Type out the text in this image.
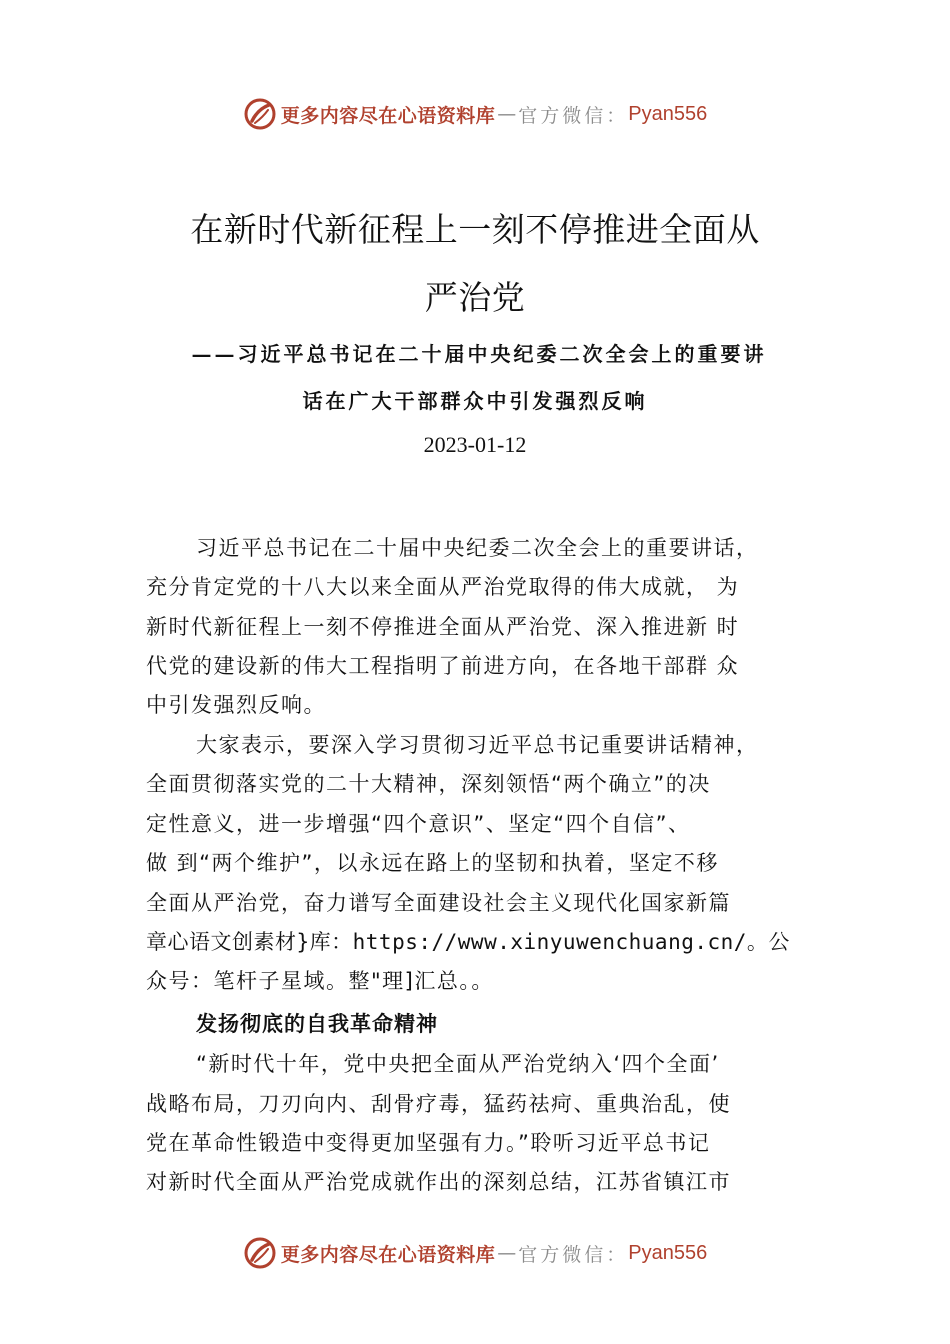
更多内容尽在心语资料库 — 官方微信： Pyan556
在新时代新征程上一刻不停推进全面从
严治党
——习近平总书记在二十届中央纪委二次全会上的重要讲
话在广大干部群众中引发强烈反响
2023-01-12
习近平总书记在二十届中央纪委二次全会上的重要讲话，
充分肯定党的十八大以来全面从严治党取得的伟大成就， 为
新时代新征程上一刻不停推进全面从严治党、深入推进新 时
代党的建设新的伟大工程指明了前进方向，在各地干部群 众
中引发强烈反响。
大家表示，要深入学习贯彻习近平总书记重要讲话精神，
全面贯彻落实党的二十大精神，深刻领悟“两个确立”的决
定性意义，进一步增强“四个意识”、坚定“四个自信”、
做 到“两个维护”，以永远在路上的坚韧和执着，坚定不移
全面从严治党，奋力谱写全面建设社会主义现代化国家新篇
章心语文创素材}库：https://www.xinyuwenchuang.cn/。公
众号：笔杆子星域。整"理]汇总。。
发扬彻底的自我革命精神
“新时代十年，党中央把全面从严治党纳入‘四个全面’
战略布局，刀刃向内、刮骨疗毒，猛药祛疴、重典治乱，使
党在革命性锻造中变得更加坚强有力。”聆听习近平总书记
对新时代全面从严治党成就作出的深刻总结，江苏省镇江市
更多内容尽在心语资料库 — 官方微信： Pyan556
